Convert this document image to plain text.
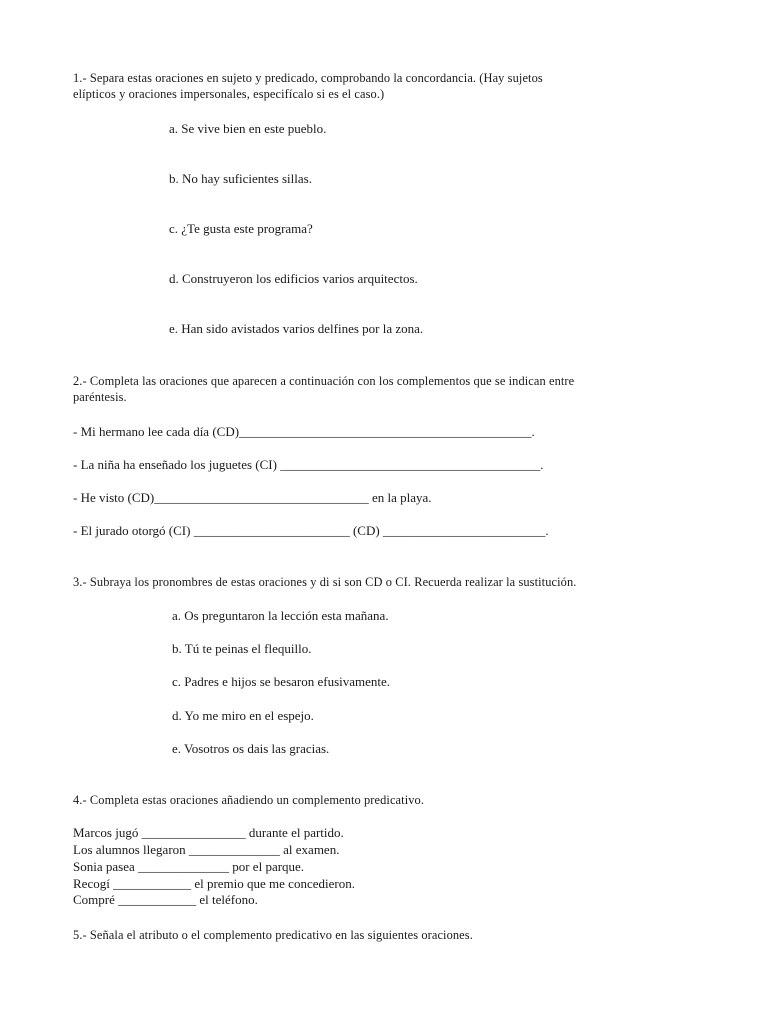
1.- Separa estas oraciones en sujeto y predicado, comprobando la concordancia. (Hay sujetos
elípticos y oraciones impersonales, especifícalo si es el caso.)
a. Se vive bien en este pueblo.
b. No hay suficientes sillas.
c. ¿Te gusta este programa?
d. Construyeron los edificios varios arquitectos.
e. Han sido avistados varios delfines por la zona.
2.- Completa las oraciones que aparecen a continuación con los complementos que se indican entre
paréntesis.
- Mi hermano lee cada día (CD)_____________________________________________.
- La niña ha enseñado los juguetes (CI) ________________________________________.
- He visto (CD)_________________________________ en la playa.
- El jurado otorgó (CI) ________________________ (CD) _________________________.
3.- Subraya los pronombres de estas oraciones y di si son CD o CI. Recuerda realizar la sustitución.
a. Os preguntaron la lección esta mañana.
b. Tú te peinas el flequillo.
c. Padres e hijos se besaron efusivamente.
d. Yo me miro en el espejo.
e. Vosotros os dais las gracias.
4.- Completa estas oraciones añadiendo un complemento predicativo.
Marcos jugó ________________ durante el partido.
Los alumnos llegaron ______________ al examen.
Sonia pasea ______________ por el parque.
Recogí ____________ el premio que me concedieron.
Compré ____________ el teléfono.
5.- Señala el atributo o el complemento predicativo en las siguientes oraciones.
